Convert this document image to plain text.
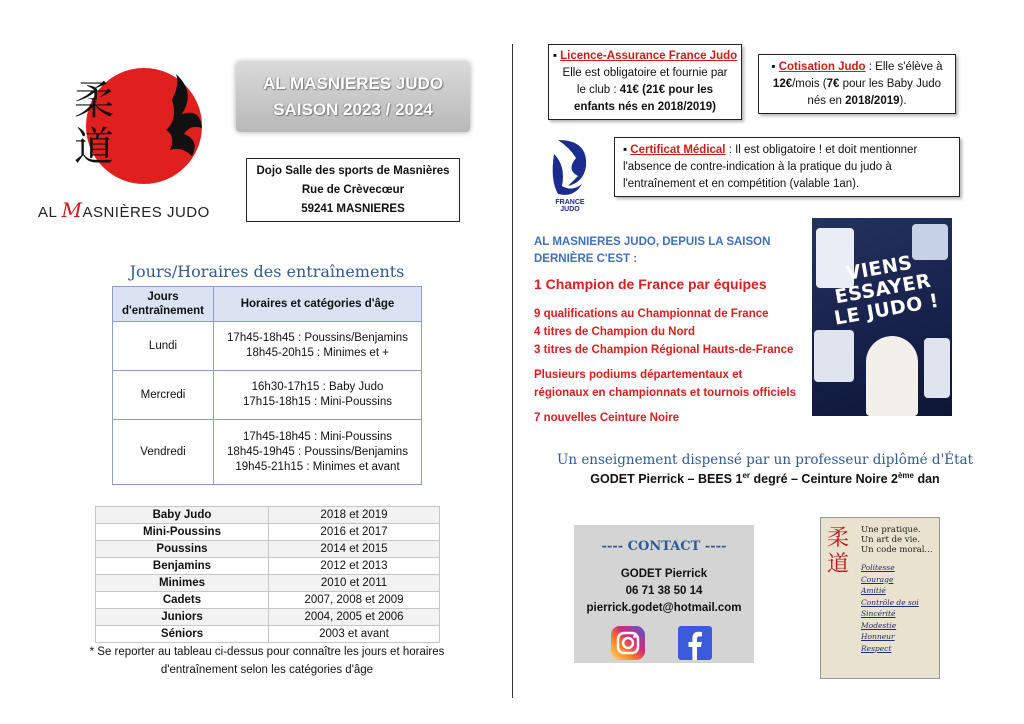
柔
道
AL MASNIÈRES JUDO
AL MASNIERES JUDO
SAISON 2023 / 2024
Dojo Salle des sports de Masnières
Rue de Crèvecœur
59241 MASNIERES
Jours/Horaires des entraînements
Jours
d'entraînement	Horaires et catégories d'âge
Lundi	17h45-18h45 : Poussins/Benjamins
18h45-20h15 : Minimes et +

Mercredi	16h30-17h15 : Baby Judo
17h15-18h15 : Mini-Poussins

Vendredi	17h45-18h45 : Mini-Poussins
18h45-19h45 : Poussins/Benjamins
19h45-21h15 : Minimes et avant
Baby Judo	2018 et 2019
Mini-Poussins	2016 et 2017
Poussins	2014 et 2015
Benjamins	2012 et 2013
Minimes	2010 et 2011
Cadets	2007, 2008 et 2009
Juniors	2004, 2005 et 2006
Séniors	2003 et avant
* Se reporter au tableau ci-dessus pour connaître les jours et horaires
d'entraînement selon les catégories d'âge
▪ Licence-Assurance France Judo
Elle est obligatoire et fournie par
le club : 41€ (21€ pour les
enfants nés en 2018/2019)
▪ Cotisation Judo : Elle s'élève à
12€/mois (7€ pour les Baby Judo
nés en 2018/2019).
FRANCE
JUDO
▪ Certificat Médical : Il est obligatoire ! et doit mentionner
l'absence de contre-indication à la pratique du judo à
l'entraînement et en compétition (valable 1an).
AL MASNIERES JUDO, DEPUIS LA SAISON
DERNIÈRE C'EST :
1 Champion de France par équipes
9 qualifications au Championnat de France
4 titres de Champion du Nord
3 titres de Champion Régional Hauts-de-France
Plusieurs podiums départementaux et
régionaux en championnats et tournois officiels
7 nouvelles Ceinture Noire
VIENS ESSAYER LE JUDO !
Un enseignement dispensé par un professeur diplômé d'État
GODET Pierrick – BEES 1er degré – Ceinture Noire 2ème dan
---- CONTACT ----
GODET Pierrick
06 71 38 50 14
pierrick.godet@hotmail.com
柔
道
Une pratique.
Un art de vie.
Un code moral...
Politesse
Courage
Amitié
Contrôle de soi
Sincérité
Modestie
Honneur
Respect
